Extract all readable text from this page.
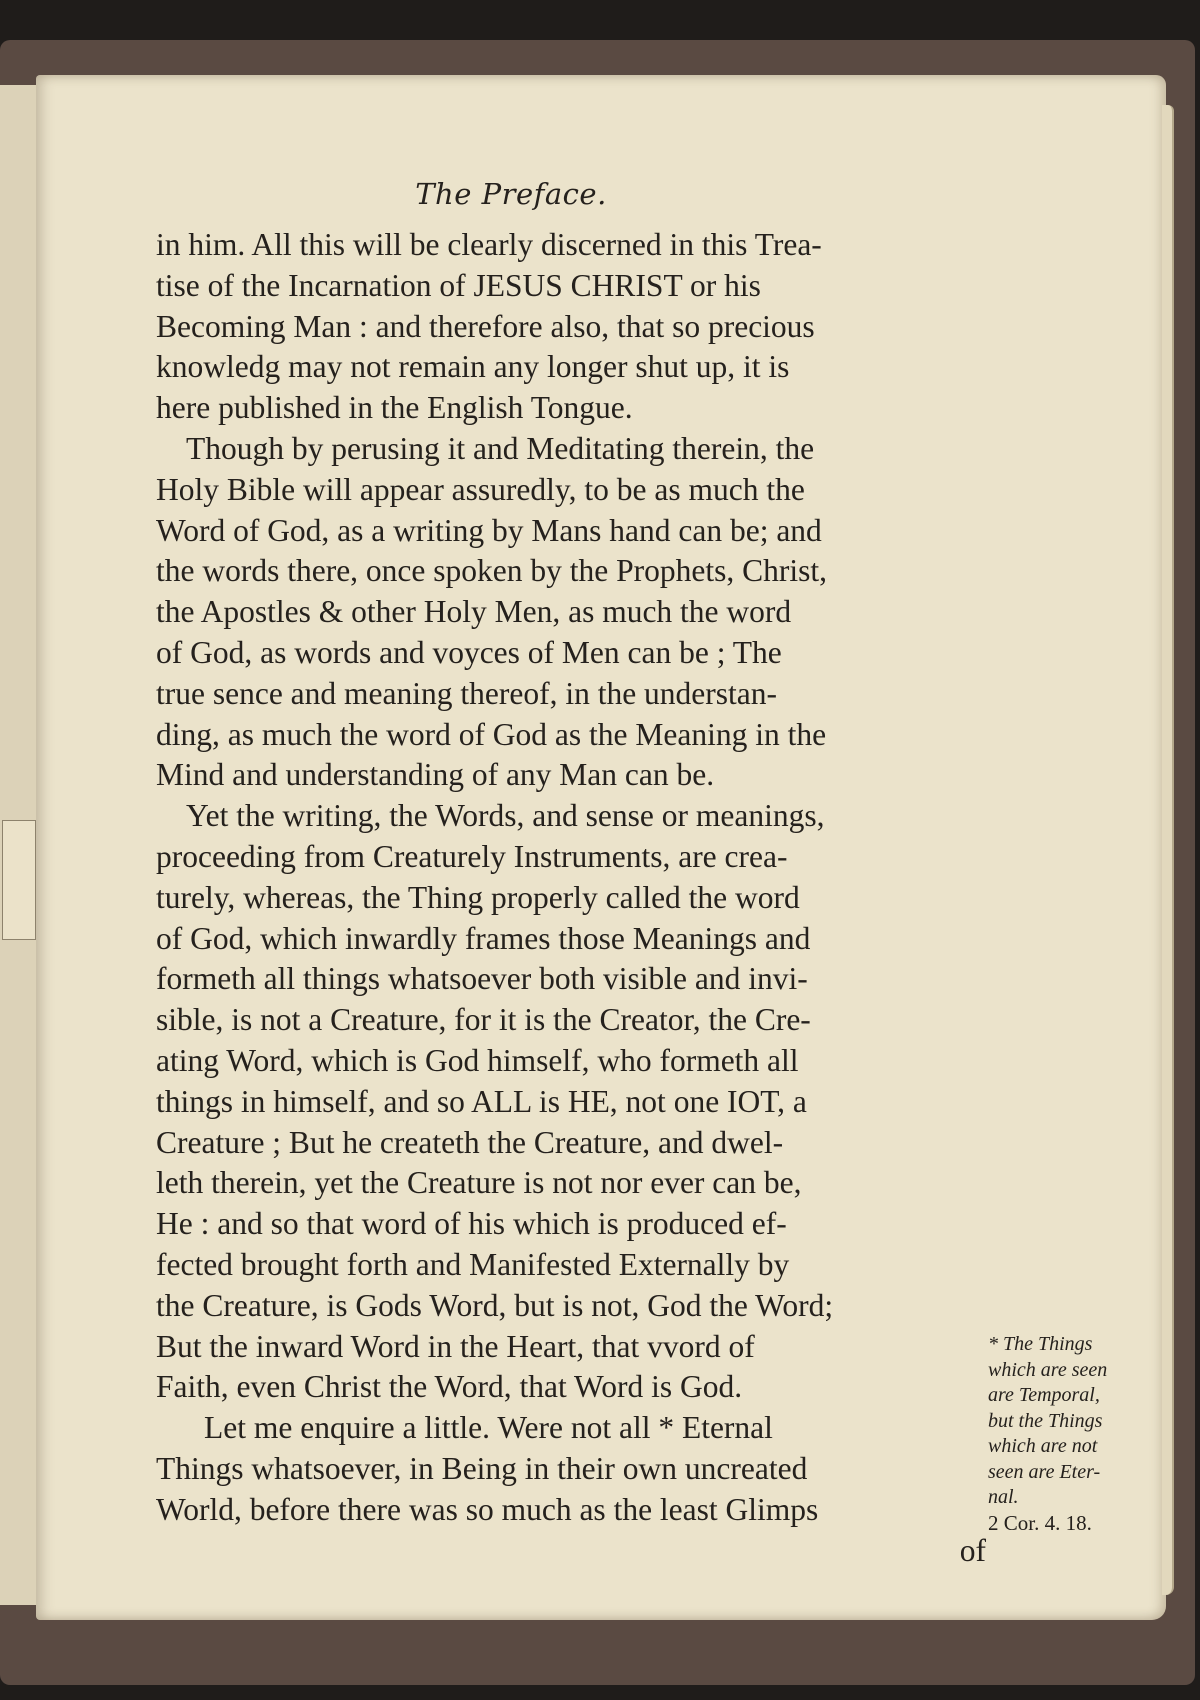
The Preface.
in him. All this will be clearly discerned in this Trea-
tise of the Incarnation of JESUS CHRIST or his
Becoming Man : and therefore also, that so precious
knowledg may not remain any longer shut up, it is
here published in the English Tongue.
Though by perusing it and Meditating therein, the
Holy Bible will appear assuredly, to be as much the
Word of God, as a writing by Mans hand can be; and
the words there, once spoken by the Prophets, Christ,
the Apostles & other Holy Men, as much the word
of God, as words and voyces of Men can be ; The
true sence and meaning thereof, in the understan-
ding, as much the word of God as the Meaning in the
Mind and understanding of any Man can be.
Yet the writing, the Words, and sense or meanings,
proceeding from Creaturely Instruments, are crea-
turely, whereas, the Thing properly called the word
of God, which inwardly frames those Meanings and
formeth all things whatsoever both visible and invi-
sible, is not a Creature, for it is the Creator, the Cre-
ating Word, which is God himself, who formeth all
things in himself, and so ALL is HE, not one IOT, a
Creature ; But he createth the Creature, and dwel-
leth therein, yet the Creature is not nor ever can be,
He : and so that word of his which is produced ef-
fected brought forth and Manifested Externally by
the Creature, is Gods Word, but is not, God the Word;
But the inward Word in the Heart, that vvord of
Faith, even Christ the Word, that Word is God.
Let me enquire a little. Were not all * Eternal
Things whatsoever, in Being in their own uncreated
World, before there was so much as the least Glimps
of
* The Things
which are seen
are Temporal,
but the Things
which are not
seen are Eter-
nal.
2 Cor. 4. 18.
